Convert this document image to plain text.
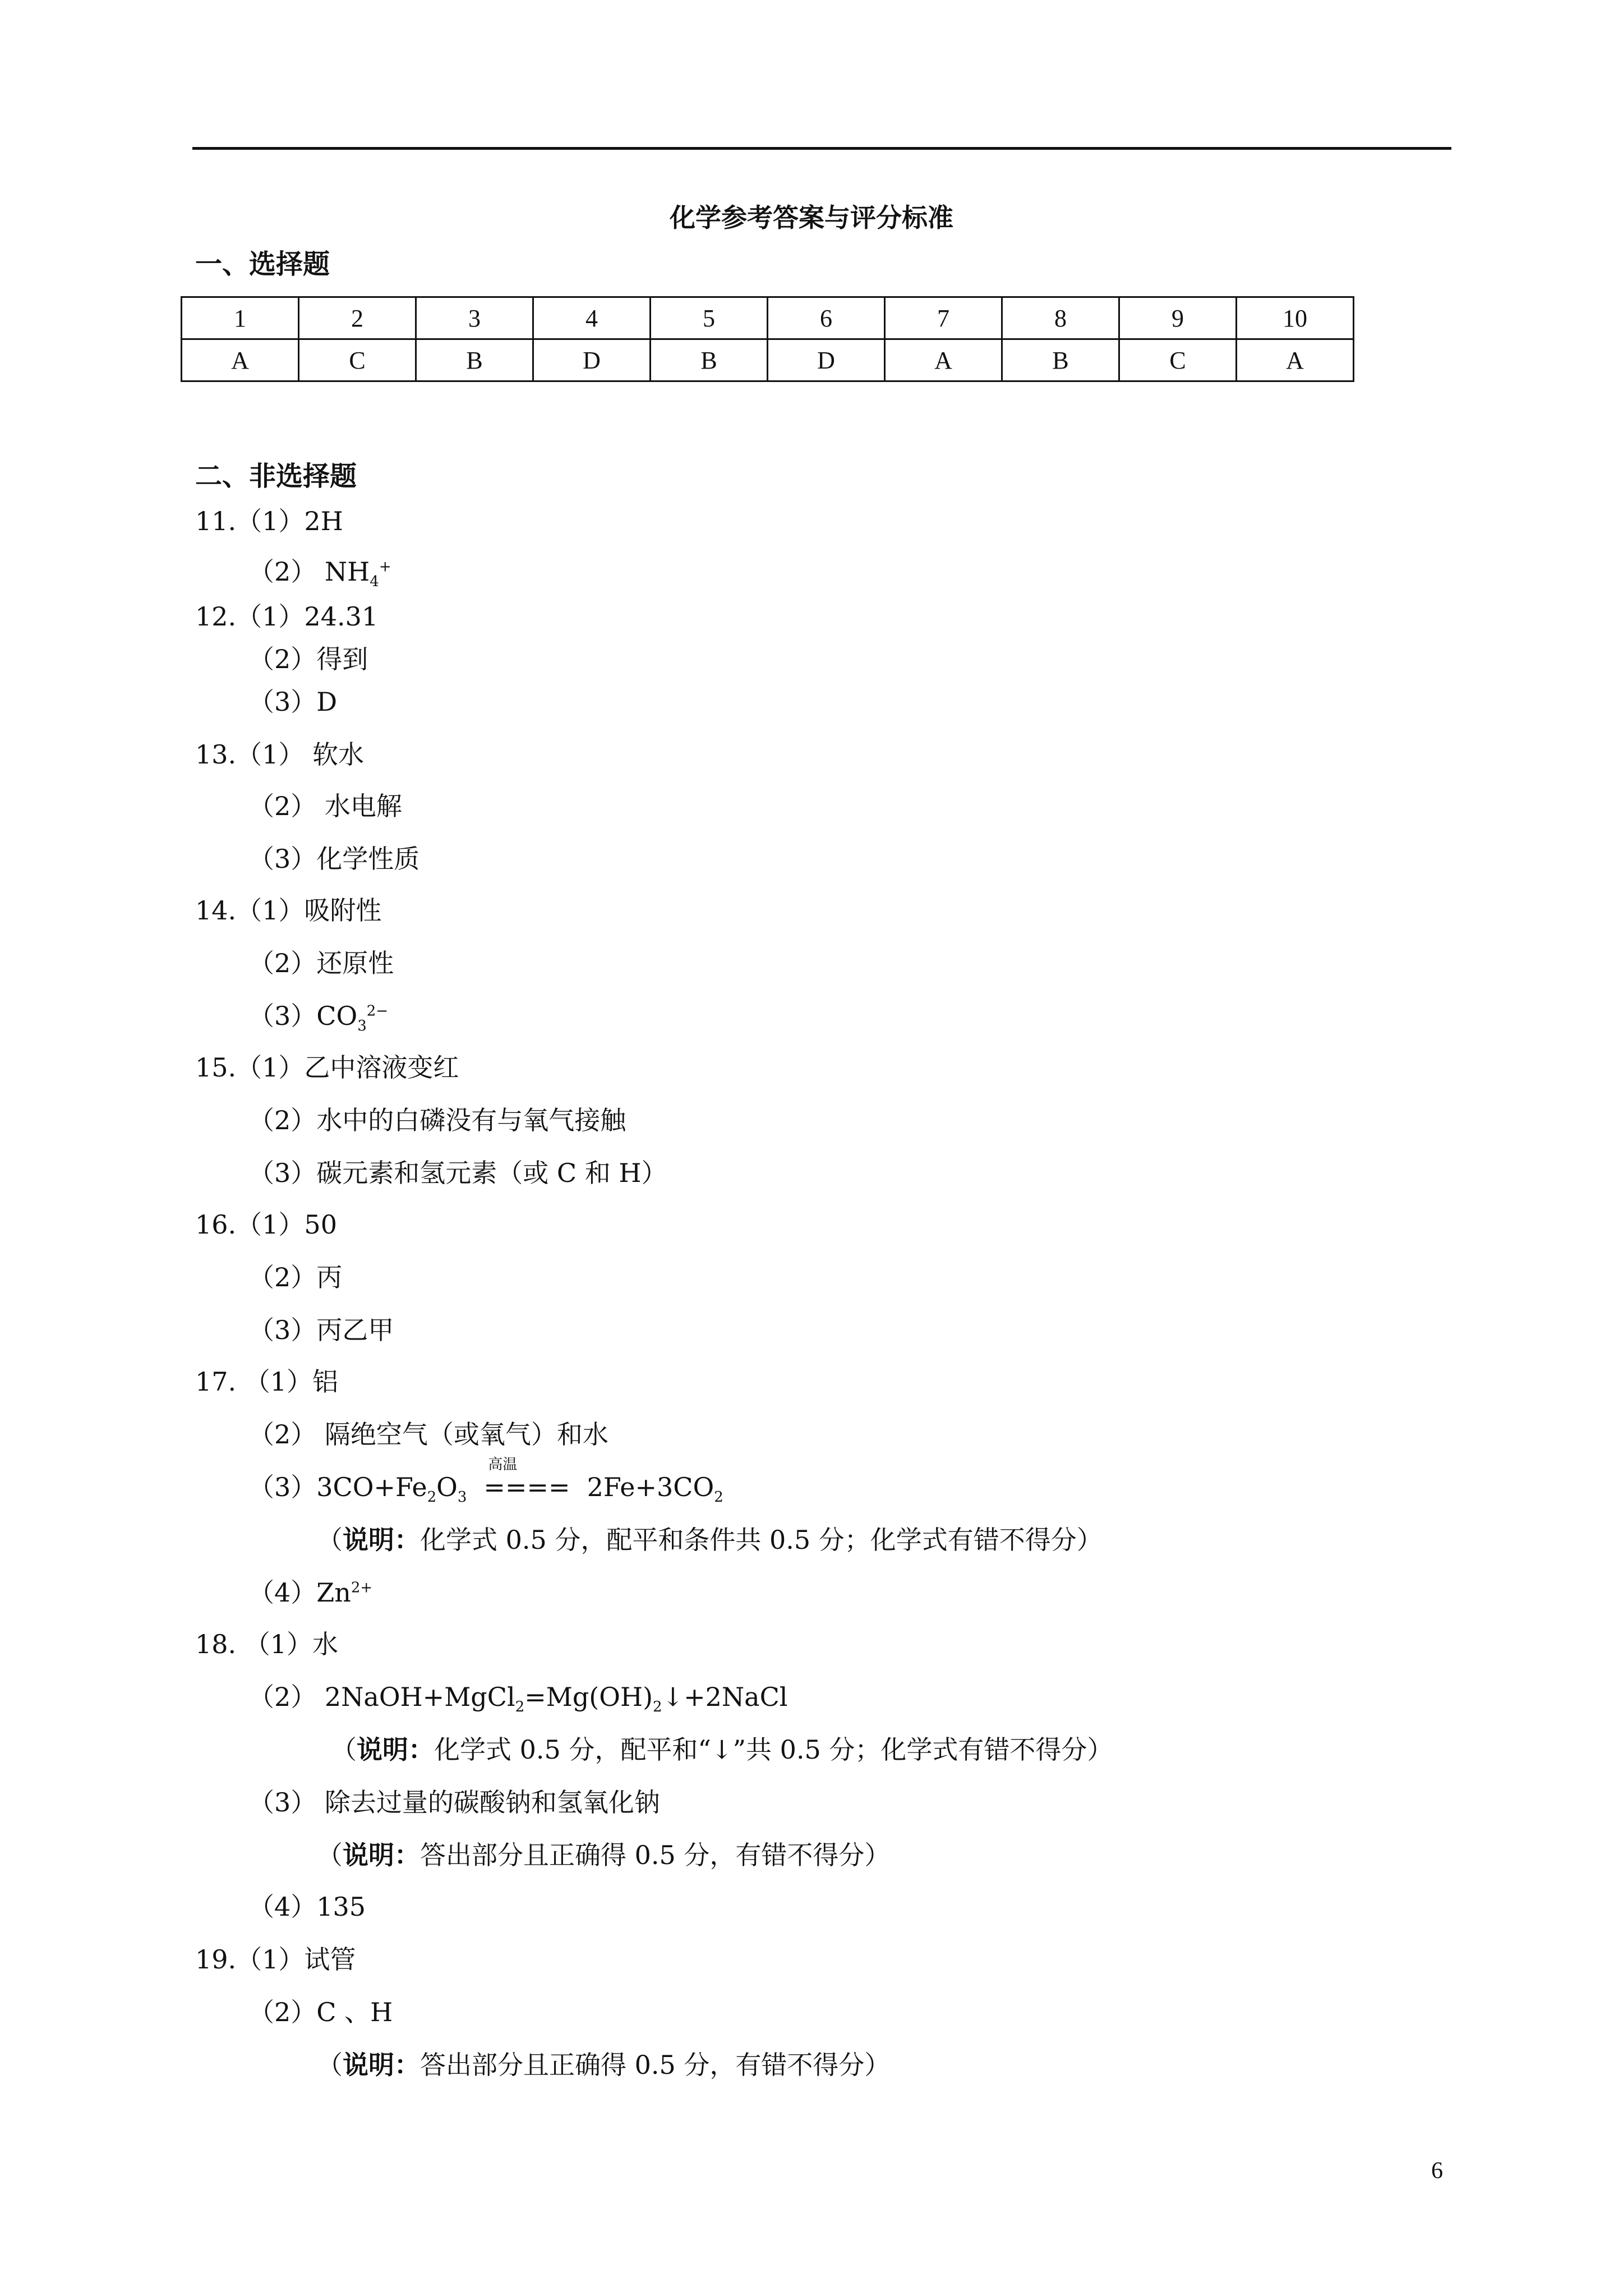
化学参考答案与评分标准
一、选择题
1	2	3	4	5	6	7	8	9	10
A	C	B	D	B	D	A	B	C	A
二、非选择题
11.（1）2H
（2） $NH_4^+$
12.（1）24.31
（2）得到
（3）D
13.（1） 软水
（2） 水电解
（3）化学性质
14.（1）吸附性
（2）还原性
$(3)CO_3^{2-}$
15.（1）乙中溶液变红
（2）水中的白磷没有与氧气接触
（3）碳元素和氢元素（或 C 和 H）
16.（1）50
（2）丙
（3）丙乙甲
17. （1）铝
（2） 隔绝空气（或氧气）和水
$(3)3CO+Fe_2O_3$
高温
==== $2Fe+3CO_2$
（说明：化学式 0.5 分，配平和条件共 0.5 分；化学式有错不得分）
$(4)Zn^{2+}$
18. （1）水
（2） $2NaOH+MgCl_2=Mg(OH)_2↓+2NaCl$
（说明：化学式 0.5 分，配平和“↓”共 0.5 分；化学式有错不得分）
（3） 除去过量的碳酸钠和氢氧化钠
（说明：答出部分且正确得 0.5 分，有错不得分）
（4）135
19.（1）试管
（2）C 、H
（说明：答出部分且正确得 0.5 分，有错不得分）
6
